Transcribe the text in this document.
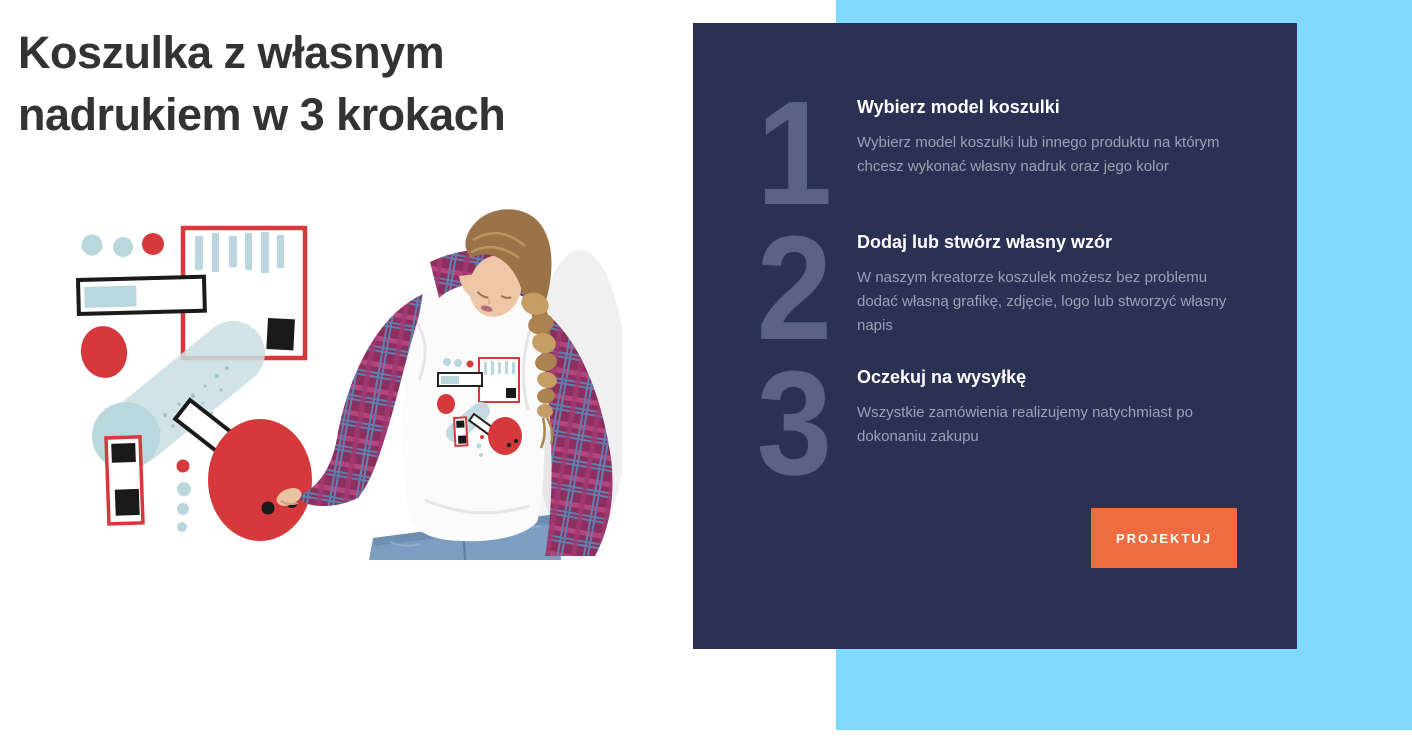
Koszulka z własnym
nadrukiem w 3 krokach	1	Wybierz model koszulki
Wybierz model koszulki lub innego produktu na którym chcesz wykonać własny nadruk oraz jego kolor
2	Dodaj lub stwórz własny wzór
W naszym kreatorze koszulek możesz bez problemu dodać własną grafikę, zdjęcie, logo lub stworzyć własny napis
3	Oczekuj na wysyłkę
Wszystkie zamówienia realizujemy natychmiast po dokonaniu zakupu
PROJEKTUJ
